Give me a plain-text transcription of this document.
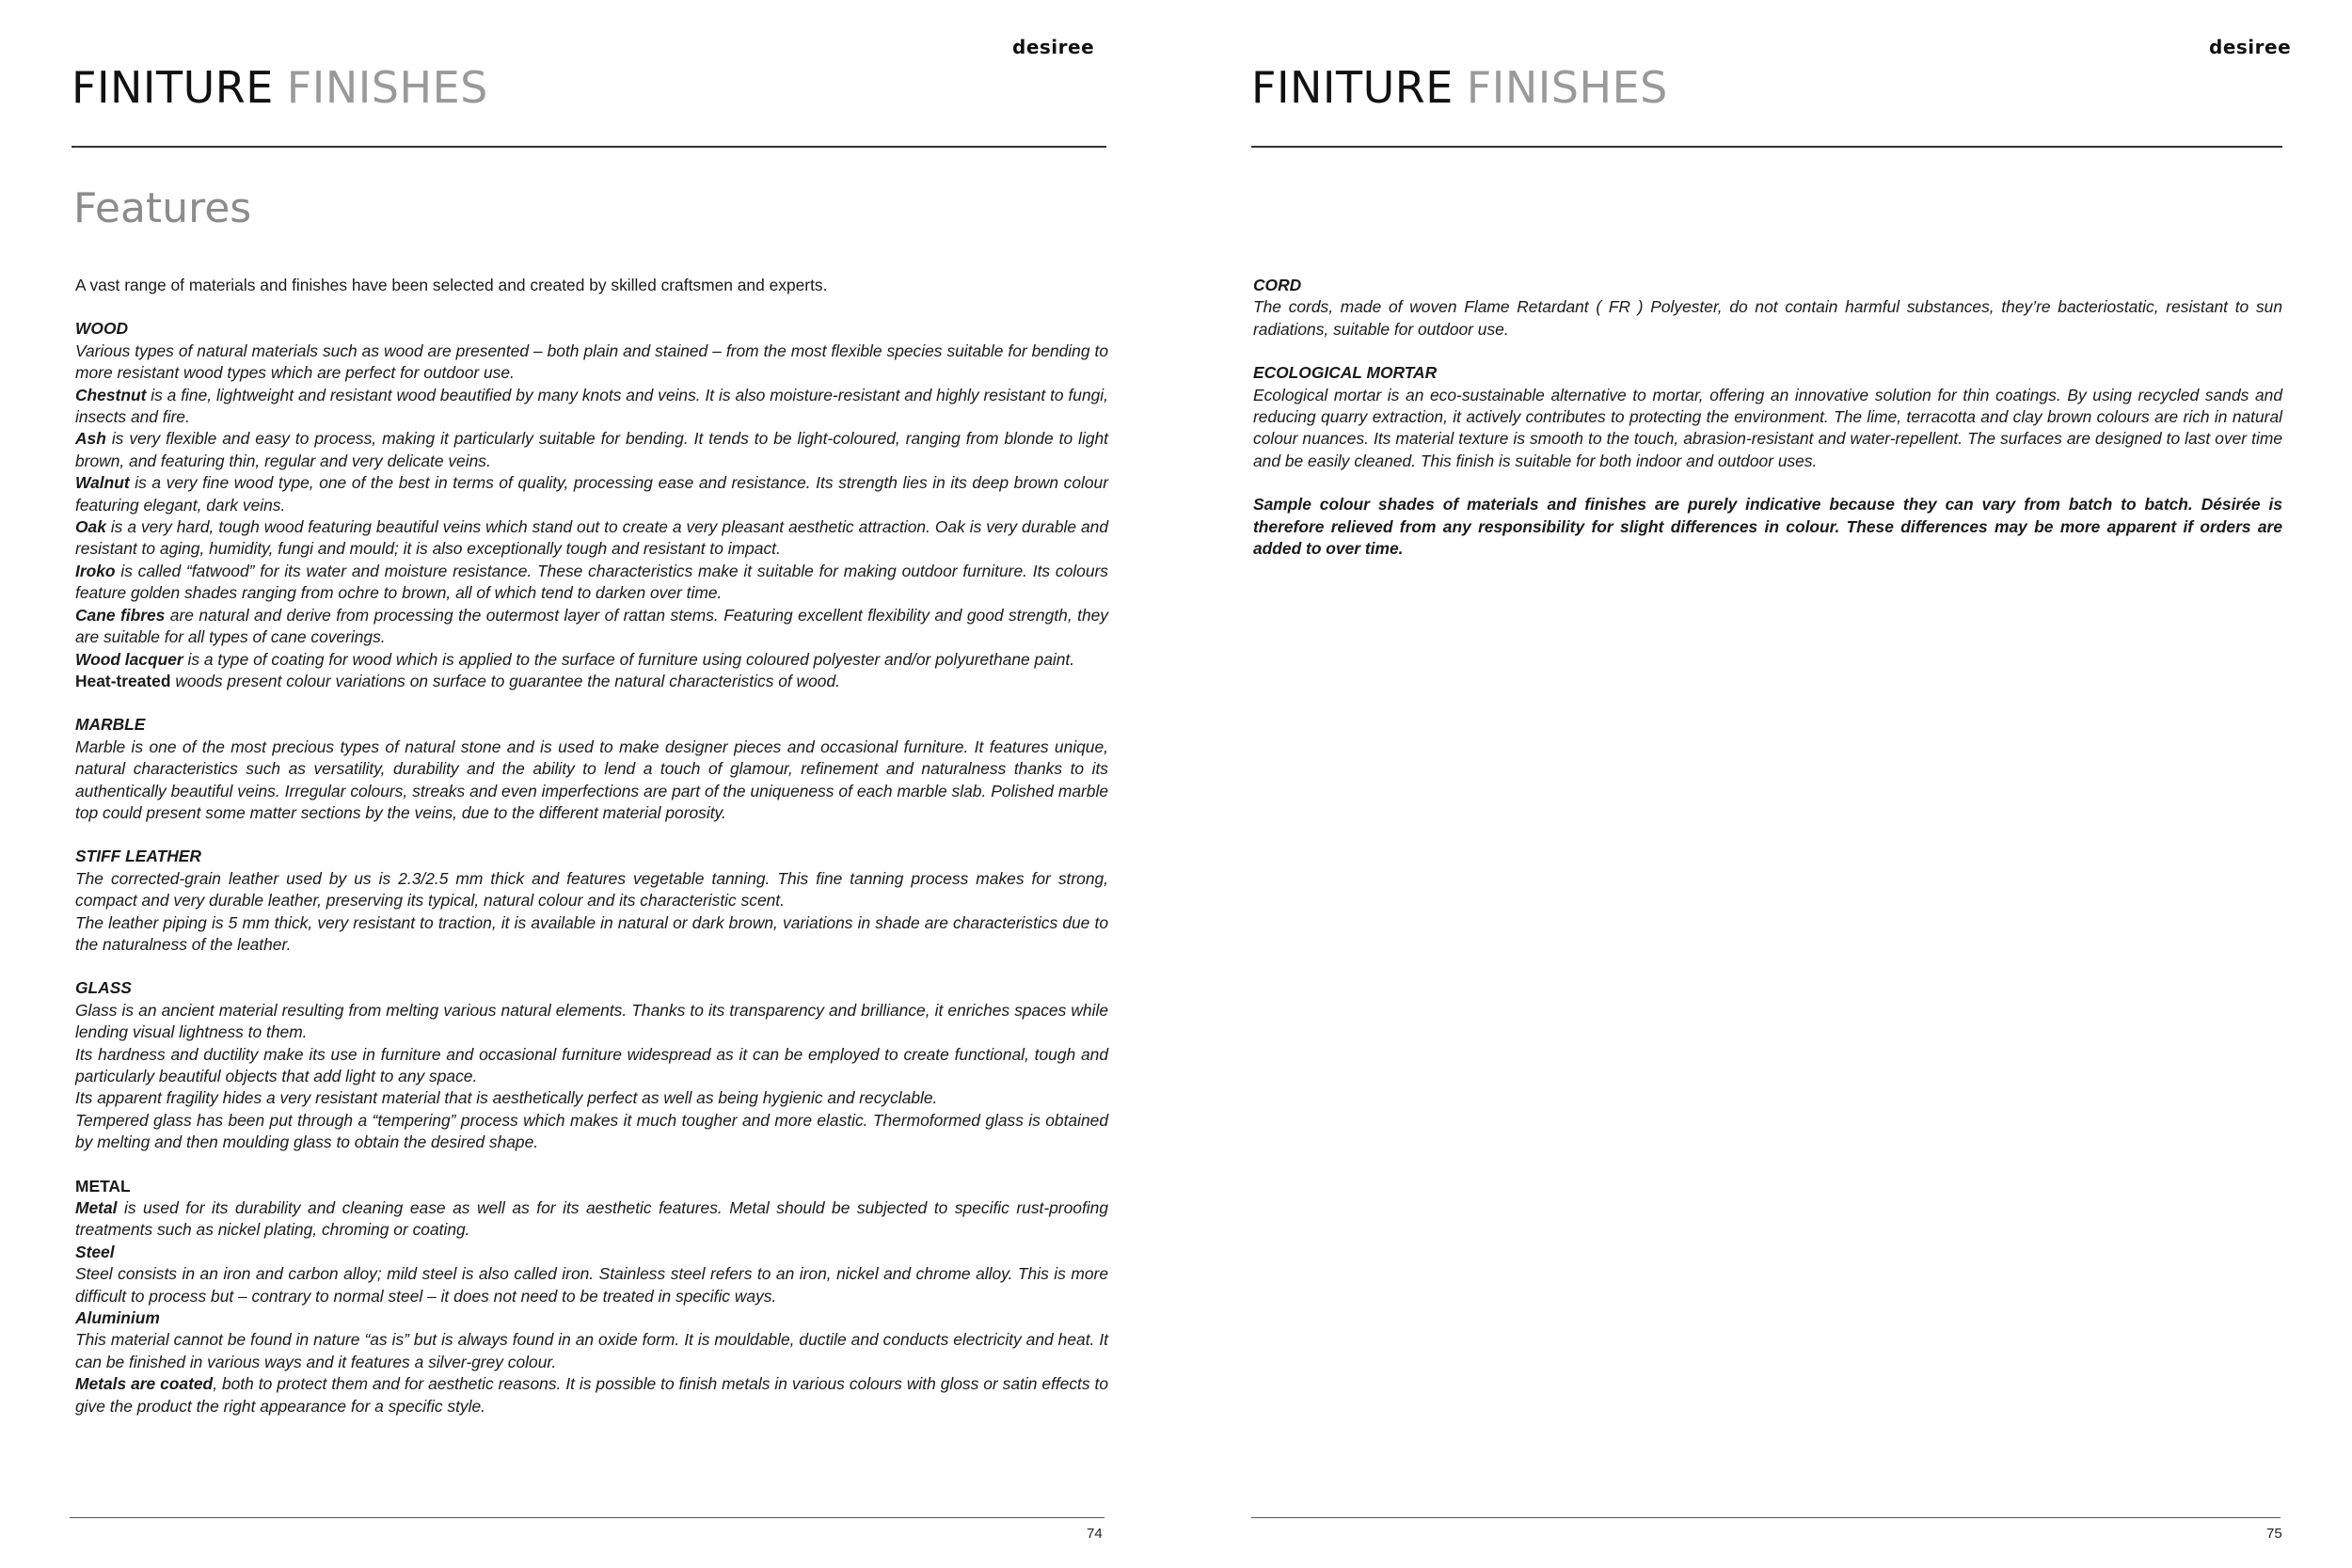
desiree
FINITURE FINISHES
Features

A vast range of materials and finishes have been selected and created by skilled craftsmen and experts.

WOOD

Various types of natural materials such as wood are presented – both plain and stained – from the most flexible species suitable for bending to more resistant wood types which are perfect for outdoor use.

Chestnut is a fine, lightweight and resistant wood beautified by many knots and veins. It is also moisture-resistant and highly resistant to fungi, insects and fire.

Ash is very flexible and easy to process, making it particularly suitable for bending. It tends to be light-coloured, ranging from blonde to light brown, and featuring thin, regular and very delicate veins.

Walnut is a very fine wood type, one of the best in terms of quality, processing ease and resistance. Its strength lies in its deep brown colour featuring elegant, dark veins.

Oak is a very hard, tough wood featuring beautiful veins which stand out to create a very pleasant aesthetic attraction. Oak is very durable and resistant to aging, humidity, fungi and mould; it is also exceptionally tough and resistant to impact.

Iroko is called “fatwood” for its water and moisture resistance. These characteristics make it suitable for making outdoor furniture. Its colours feature golden shades ranging from ochre to brown, all of which tend to darken over time.

Cane fibres are natural and derive from processing the outermost layer of rattan stems. Featuring excellent flexibility and good strength, they are suitable for all types of cane coverings.

Wood lacquer is a type of coating for wood which is applied to the surface of furniture using coloured polyester and/or polyurethane paint.

Heat-treated woods present colour variations on surface to guarantee the natural characteristics of wood.

MARBLE

Marble is one of the most precious types of natural stone and is used to make designer pieces and occasional furniture. It features unique, natural characteristics such as versatility, durability and the ability to lend a touch of glamour, refinement and naturalness thanks to its authentically beautiful veins. Irregular colours, streaks and even imperfections are part of the uniqueness of each marble slab. Polished marble top could present some matter sections by the veins, due to the different material porosity.

STIFF LEATHER

The corrected-grain leather used by us is 2.3/2.5 mm thick and features vegetable tanning. This fine tanning process makes for strong, compact and very durable leather, preserving its typical, natural colour and its characteristic scent.

The leather piping is 5 mm thick, very resistant to traction, it is available in natural or dark brown, variations in shade are characteristics due to the naturalness of the leather.

GLASS

Glass is an ancient material resulting from melting various natural elements. Thanks to its transparency and brilliance, it enriches spaces while lending visual lightness to them.

Its hardness and ductility make its use in furniture and occasional furniture widespread as it can be employed to create functional, tough and particularly beautiful objects that add light to any space.

Its apparent fragility hides a very resistant material that is aesthetically perfect as well as being hygienic and recyclable.

Tempered glass has been put through a “tempering” process which makes it much tougher and more elastic. Thermoformed glass is obtained by melting and then moulding glass to obtain the desired shape.

METAL

Metal is used for its durability and cleaning ease as well as for its aesthetic features. Metal should be subjected to specific rust-proofing treatments such as nickel plating, chroming or coating.

Steel

Steel consists in an iron and carbon alloy; mild steel is also called iron. Stainless steel refers to an iron, nickel and chrome alloy. This is more difficult to process but – contrary to normal steel – it does not need to be treated in specific ways.

Aluminium

This material cannot be found in nature “as is” but is always found in an oxide form. It is mouldable, ductile and conducts electricity and heat. It can be finished in various ways and it features a silver-grey colour.

Metals are coated, both to protect them and for aesthetic reasons. It is possible to finish metals in various colours with gloss or satin effects to give the product the right appearance for a specific style.

74
desiree
FINITURE FINISHES
CORD

The cords, made of woven Flame Retardant ( FR ) Polyester, do not contain harmful substances, they’re bacteriostatic, resistant to sun radiations, suitable for outdoor use.

ECOLOGICAL MORTAR

Ecological mortar is an eco-sustainable alternative to mortar, offering an innovative solution for thin coatings. By using recycled sands and reducing quarry extraction, it actively contributes to protecting the environment. The lime, terracotta and clay brown colours are rich in natural colour nuances. Its material texture is smooth to the touch, abrasion-resistant and water-repellent. The surfaces are designed to last over time and be easily cleaned. This finish is suitable for both indoor and outdoor uses.

Sample colour shades of materials and finishes are purely indicative because they can vary from batch to batch. Désirée is therefore relieved from any responsibility for slight differences in colour. These differences may be more apparent if orders are added to over time.

75
